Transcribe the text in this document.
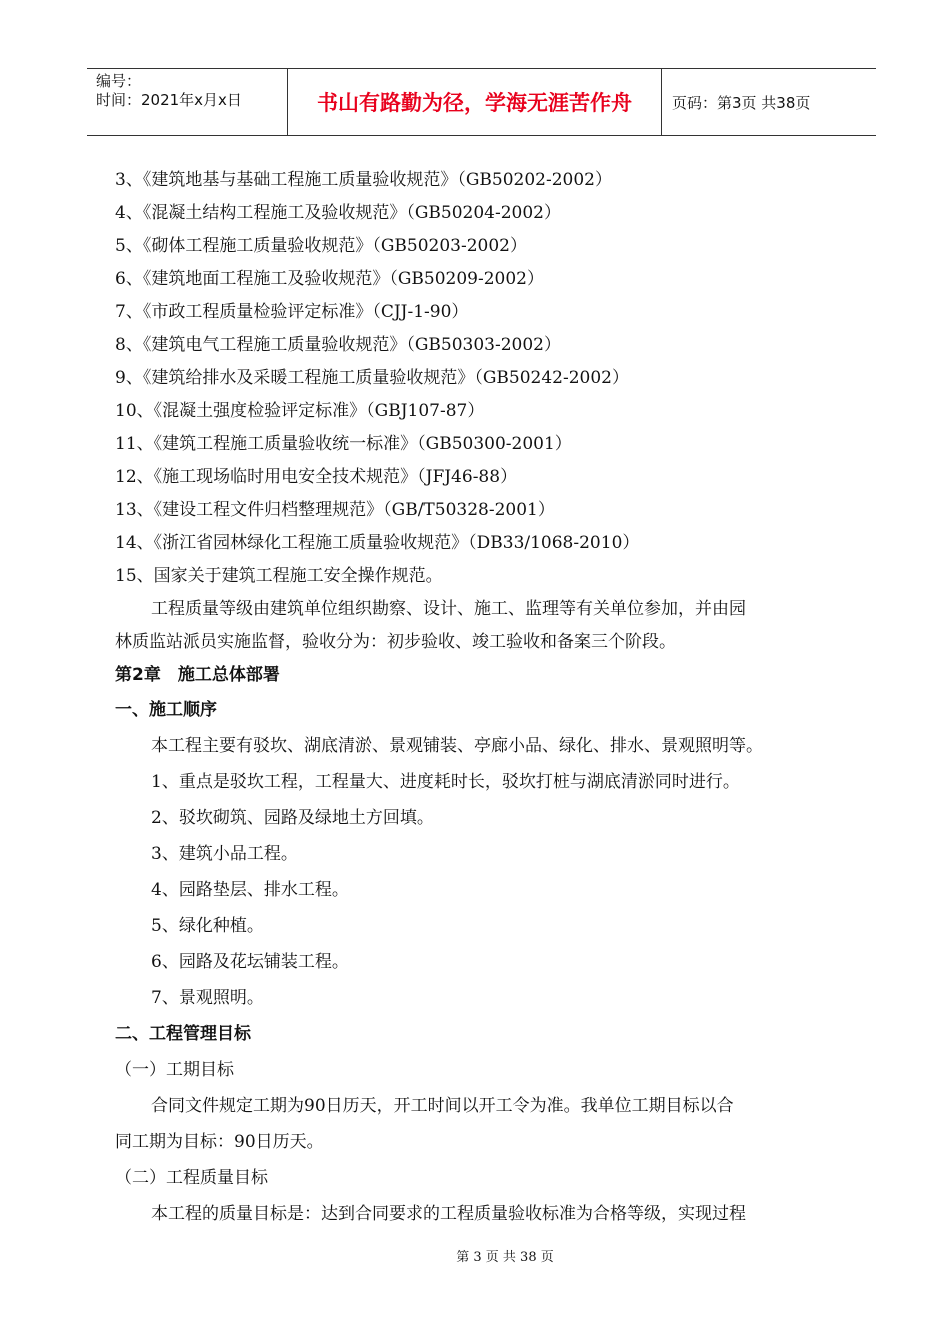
编号：
时间：2021年x月x日	书山有路勤为径，学海无涯苦作舟	页码：第3页 共38页
3、《建筑地基与基础工程施工质量验收规范》（GB50202-2002）
4、《混凝土结构工程施工及验收规范》（GB50204-2002）
5、《砌体工程施工质量验收规范》（GB50203-2002）
6、《建筑地面工程施工及验收规范》（GB50209-2002）
7、《市政工程质量检验评定标准》（CJJ-1-90）
8、《建筑电气工程施工质量验收规范》（GB50303-2002）
9、《建筑给排水及采暖工程施工质量验收规范》（GB50242-2002）
10、《混凝土强度检验评定标准》（GBJ107-87）
11、《建筑工程施工质量验收统一标准》（GB50300-2001）
12、《施工现场临时用电安全技术规范》（JFJ46-88）
13、《建设工程文件归档整理规范》（GB/T50328-2001）
14、《浙江省园林绿化工程施工质量验收规范》（DB33/1068-2010）
15、国家关于建筑工程施工安全操作规范。
工程质量等级由建筑单位组织勘察、设计、施工、监理等有关单位参加，并由园
林质监站派员实施监督，验收分为：初步验收、竣工验收和备案三个阶段。
第2章　施工总体部署
一、施工顺序
本工程主要有驳坎、湖底清淤、景观铺装、亭廊小品、绿化、排水、景观照明等。
1、重点是驳坎工程，工程量大、进度耗时长，驳坎打桩与湖底清淤同时进行。
2、驳坎砌筑、园路及绿地土方回填。
3、建筑小品工程。
4、园路垫层、排水工程。
5、绿化种植。
6、园路及花坛铺装工程。
7、景观照明。
二、工程管理目标
（一）工期目标
合同文件规定工期为90日历天，开工时间以开工令为准。我单位工期目标以合
同工期为目标：90日历天。
（二）工程质量目标
本工程的质量目标是：达到合同要求的工程质量验收标准为合格等级，实现过程
第 3 页 共 38 页
